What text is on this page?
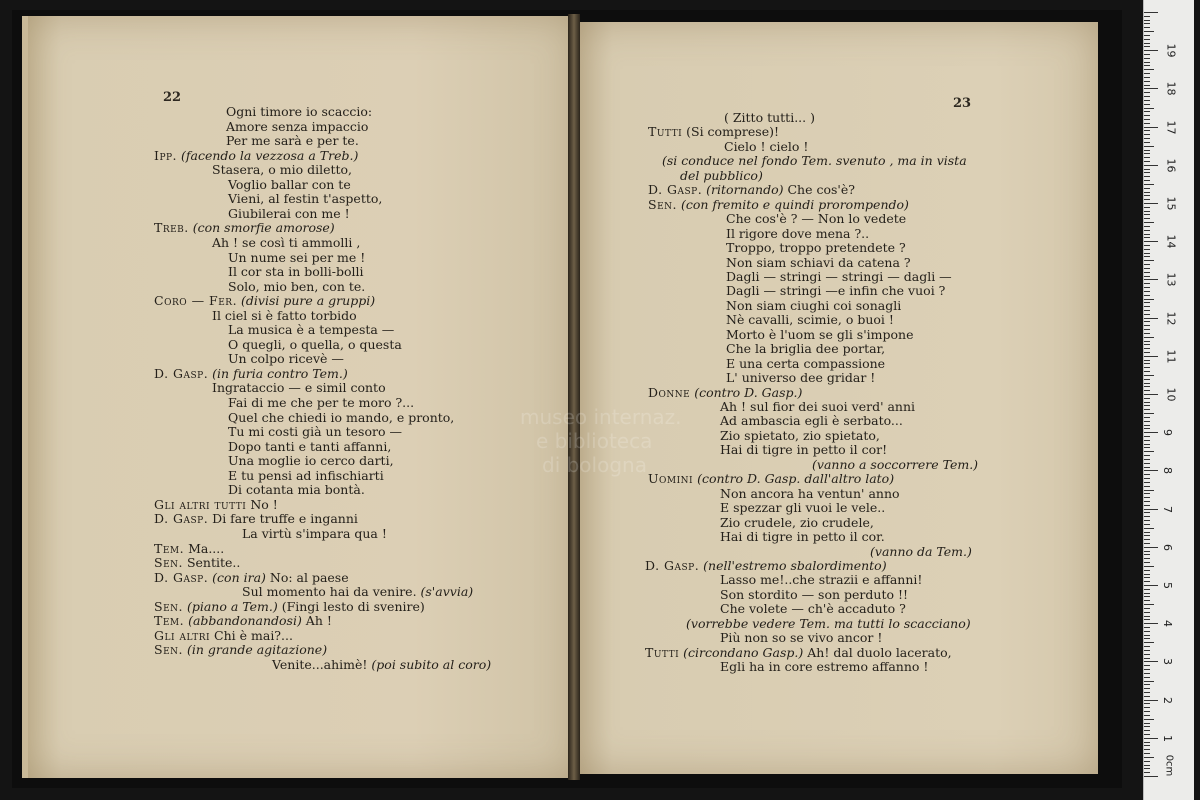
22	23
Ogni timore io scaccio:
Amore senza impaccio
Per me sarà e per te.
Ipp. (facendo la vezzosa a Treb.)
Stasera, o mio diletto,
Voglio ballar con te
Vieni, al festin t'aspetto,
Giubilerai con me !
Treb. (con smorfie amorose)
Ah ! se così ti ammolli ,
Un nume sei per me !
Il cor sta in bolli-bolli
Solo, mio ben, con te.
Coro — Fer. (divisi pure a gruppi)
Il ciel si è fatto torbido
La musica è a tempesta —
O quegli, o quella, o questa
Un colpo ricevè —
D. Gasp. (in furia contro Tem.)
Ingrataccio — e simil conto
Fai di me che per te moro ?...
Quel che chiedi io mando, e pronto,
Tu mi costi già un tesoro —
Dopo tanti e tanti affanni,
Una moglie io cerco darti,
E tu pensi ad infischiarti
Di cotanta mia bontà.
Gli altri tutti No !
D. Gasp. Di fare truffe e inganni
La virtù s'impara qua !
Tem. Ma....
Sen. Sentite..
D. Gasp. (con ira) No: al paese
Sul momento hai da venire. (s'avvia)
Sen. (piano a Tem.) (Fingi lesto di svenire)
Tem. (abbandonandosi) Ah !
Gli altri Chi è mai?...
Sen. (in grande agitazione)
Venite...ahimè! (poi subito al coro)
( Zitto tutti... )
Tutti (Si comprese)!
Cielo ! cielo !
(si conduce nel fondo Tem. svenuto , ma in vista
del pubblico)
D. Gasp. (ritornando) Che cos'è?
Sen. (con fremito e quindi prorompendo)
Che cos'è ? — Non lo vedete
Il rigore dove mena ?..
Troppo, troppo pretendete ?
Non siam schiavi da catena ?
Dagli — stringi — stringi — dagli —
Dagli — stringi —e infin che vuoi ?
Non siam ciughi coi sonagli
Nè cavalli, scimie, o buoi !
Morto è l'uom se gli s'impone
Che la briglia dee portar,
E una certa compassione
L' universo dee gridar !
Donne (contro D. Gasp.)
Ah ! sul fior dei suoi verd' anni
Ad ambascia egli è serbato...
Zio spietato, zio spietato,
Hai di tigre in petto il cor!
(vanno a soccorrere Tem.)
Uomini (contro D. Gasp. dall'altro lato)
Non ancora ha ventun' anno
E spezzar gli vuoi le vele..
Zio crudele, zio crudele,
Hai di tigre in petto il cor.
(vanno da Tem.)
D. Gasp. (nell'estremo sbalordimento)
Lasso me!..che strazii e affanni!
Son stordito — son perduto !!
Che volete — ch'è accaduto ?
(vorrebbe vedere Tem. ma tutti lo scacciano)
Più non so se vivo ancor !
Tutti (circondano Gasp.) Ah! dal duolo lacerato,
Egli ha in core estremo affanno !
0cm
1
2
3
4
5
6
7
8
9
10
11
12
13
14
15
16
17
18
19
